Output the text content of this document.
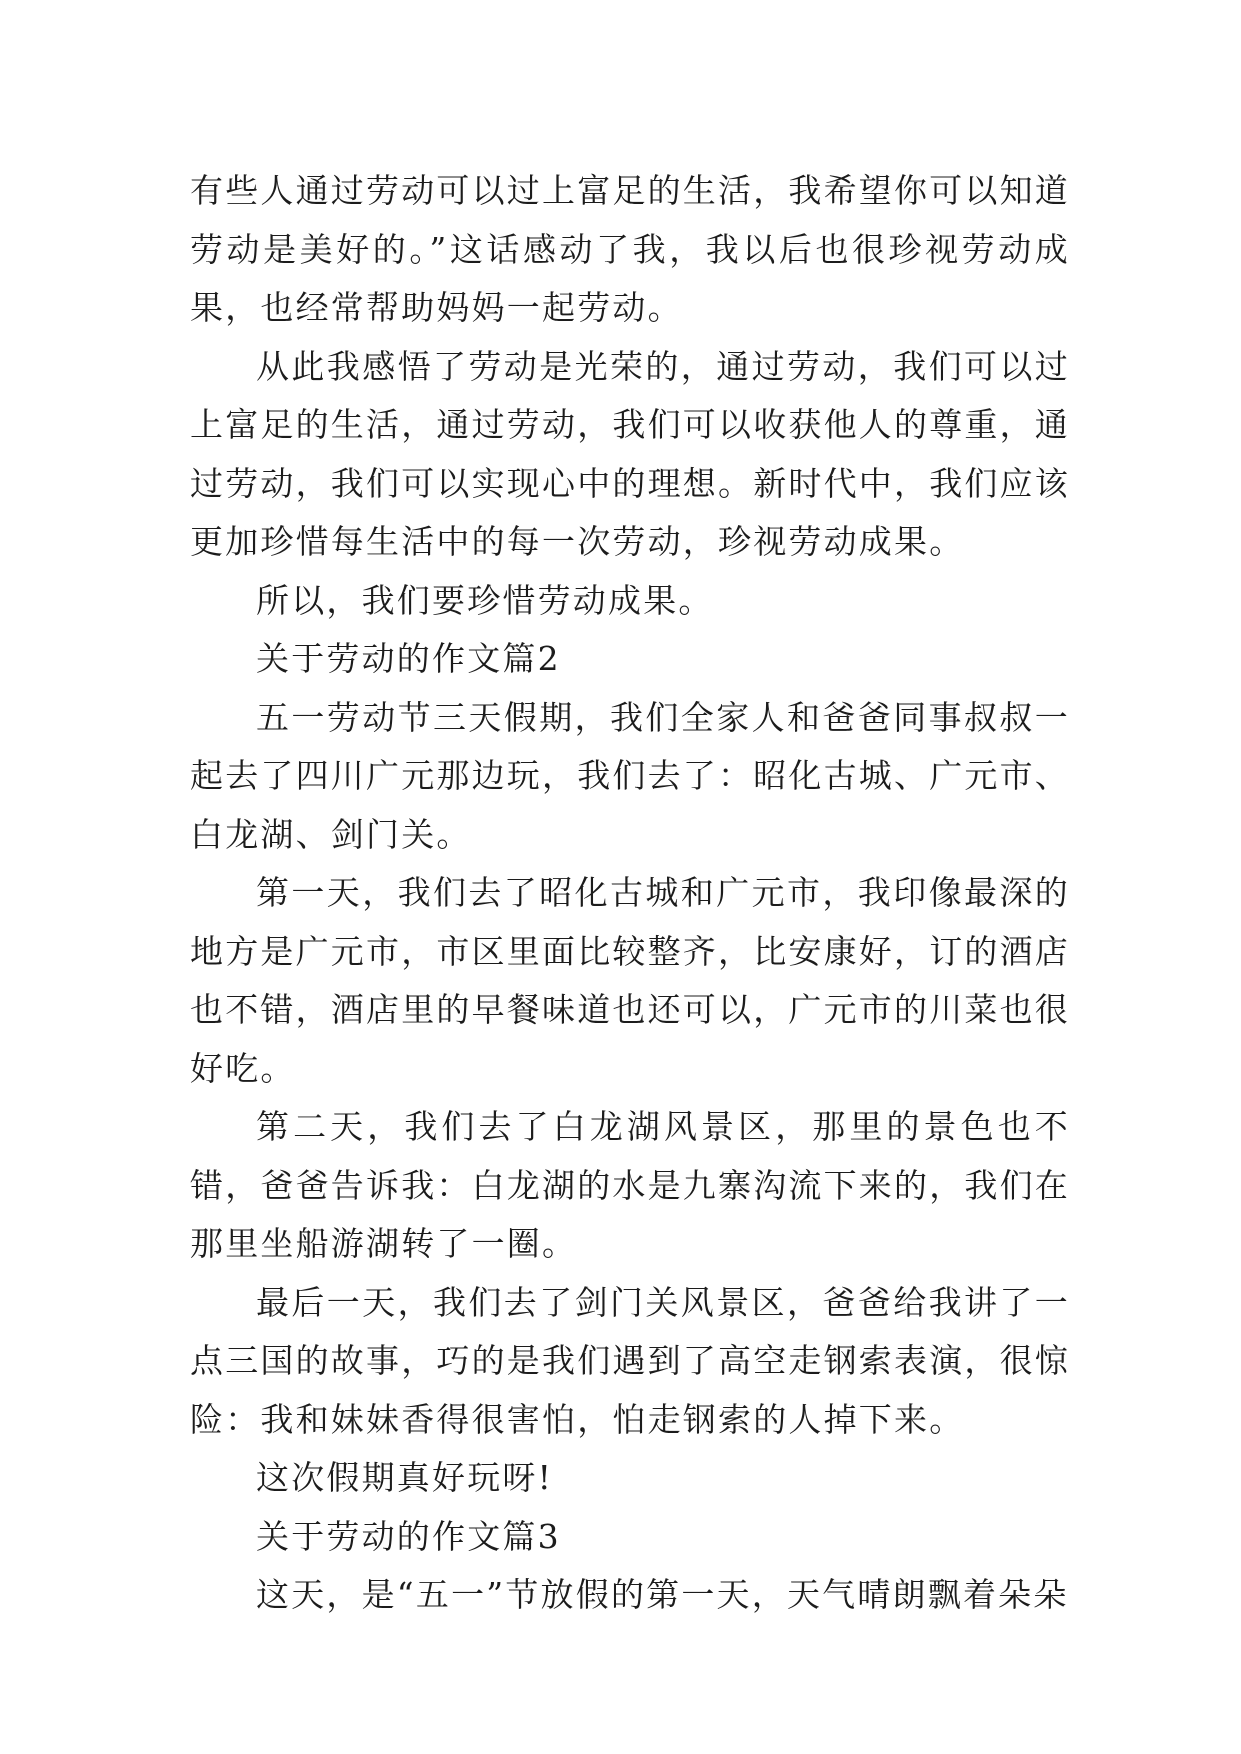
有些人通过劳动可以过上富足的生活，我希望你可以知道劳动是美好的。”这话感动了我，我以后也很珍视劳动成果，也经常帮助妈妈一起劳动。

从此我感悟了劳动是光荣的，通过劳动，我们可以过上富足的生活，通过劳动，我们可以收获他人的尊重，通过劳动，我们可以实现心中的理想。新时代中，我们应该更加珍惜每生活中的每一次劳动，珍视劳动成果。

所以，我们要珍惜劳动成果。

关于劳动的作文篇2

五一劳动节三天假期，我们全家人和爸爸同事叔叔一起去了四川广元那边玩，我们去了：昭化古城、广元市、白龙湖、剑门关。

第一天，我们去了昭化古城和广元市，我印像最深的地方是广元市，市区里面比较整齐，比安康好，订的酒店也不错，酒店里的早餐味道也还可以，广元市的川菜也很好吃。

第二天，我们去了白龙湖风景区，那里的景色也不错，爸爸告诉我：白龙湖的水是九寨沟流下来的，我们在那里坐船游湖转了一圈。

最后一天，我们去了剑门关风景区，爸爸给我讲了一点三国的故事，巧的是我们遇到了高空走钢索表演，很惊险：我和妹妹香得很害怕，怕走钢索的人掉下来。

这次假期真好玩呀!

关于劳动的作文篇3

这天，是“五一”节放假的第一天，天气晴朗飘着朵朵
